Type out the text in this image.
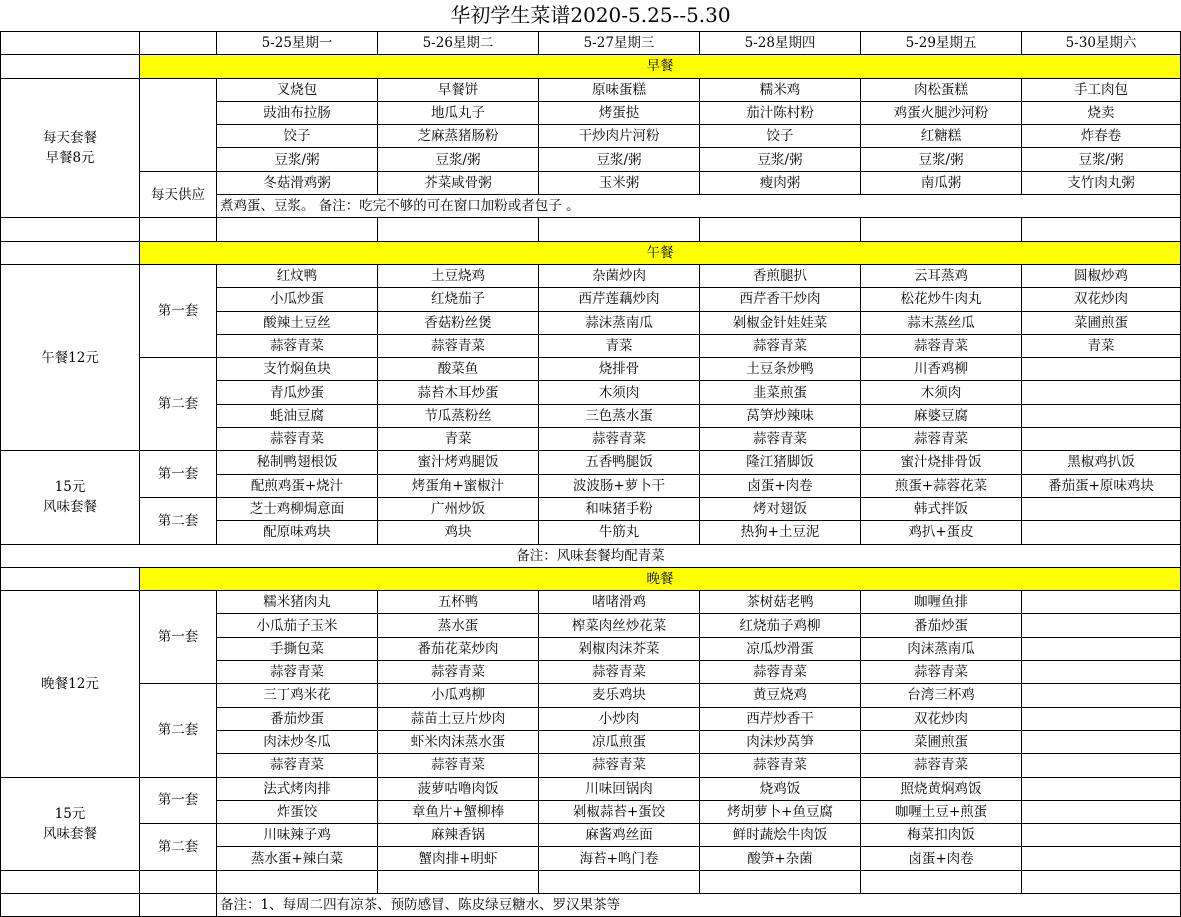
华初学生菜谱2020-5.25--5.30
		5-25星期一	5-26星期二	5-27星期三	5-28星期四	5-29星期五	5-30星期六
	早餐						
每天套餐
早餐8元		叉烧包	早餐饼	原味蛋糕	糯米鸡	肉松蛋糕	手工肉包
		豉油布拉肠	地瓜丸子	烤蛋挞	茄汁陈村粉	鸡蛋火腿沙河粉	烧卖
		饺子	芝麻蒸猪肠粉	干炒肉片河粉	饺子	红糖糕	炸春卷
		豆浆/粥	豆浆/粥	豆浆/粥	豆浆/粥	豆浆/粥	豆浆/粥
	每天供应	冬菇滑鸡粥	芥菜咸骨粥	玉米粥	瘦肉粥	南瓜粥	支竹肉丸粥
		煮鸡蛋、豆浆。 备注：吃完不够的可在窗口加粉或者包子 。					

	午餐						
午餐12元	第一套	红炆鸭	土豆烧鸡	杂菌炒肉	香煎腿扒	云耳蒸鸡	圆椒炒鸡
		小瓜炒蛋	红烧茄子	西芹莲藕炒肉	西芹香干炒肉	松花炒牛肉丸	双花炒肉
		酸辣土豆丝	香菇粉丝煲	蒜沫蒸南瓜	剁椒金针娃娃菜	蒜末蒸丝瓜	菜圃煎蛋
		蒜蓉青菜	蒜蓉青菜	青菜	蒜蓉青菜	蒜蓉青菜	青菜
	第二套	支竹焖鱼块	酸菜鱼	烧排骨	土豆条炒鸭	川香鸡柳	
		青瓜炒蛋	蒜苔木耳炒蛋	木须肉	韭菜煎蛋	木须肉	
		蚝油豆腐	节瓜蒸粉丝	三色蒸水蛋	莴笋炒辣味	麻婆豆腐	
		蒜蓉青菜	青菜	蒜蓉青菜	蒜蓉青菜	蒜蓉青菜	
15元
风味套餐	第一套	秘制鸭翅根饭	蜜汁烤鸡腿饭	五香鸭腿饭	隆江猪脚饭	蜜汁烧排骨饭	黑椒鸡扒饭
		配煎鸡蛋+烧汁	烤蛋角+蜜椒汁	波波肠+萝卜干	卤蛋+肉卷	煎蛋+蒜蓉花菜	番茄蛋+原味鸡块
	第二套	芝士鸡柳焗意面	广州炒饭	和味猪手粉	烤对翅饭	韩式拌饭	
		配原味鸡块	鸡块	牛筋丸	热狗+土豆泥	鸡扒+蛋皮	
备注：风味套餐均配青菜							
	晚餐						
晚餐12元	第一套	糯米猪肉丸	五杯鸭	啫啫滑鸡	茶树菇老鸭	咖喱鱼排	
		小瓜茄子玉米	蒸水蛋	榨菜肉丝炒花菜	红烧茄子鸡柳	番茄炒蛋	
		手撕包菜	番茄花菜炒肉	剁椒肉沫芥菜	凉瓜炒滑蛋	肉沫蒸南瓜	
		蒜蓉青菜	蒜蓉青菜	蒜蓉青菜	蒜蓉青菜	蒜蓉青菜	
	第二套	三丁鸡米花	小瓜鸡柳	麦乐鸡块	黄豆烧鸡	台湾三杯鸡	
		番茄炒蛋	蒜苗土豆片炒肉	小炒肉	西芹炒香干	双花炒肉	
		肉沫炒冬瓜	虾米肉沫蒸水蛋	凉瓜煎蛋	肉沫炒莴笋	菜圃煎蛋	
		蒜蓉青菜	蒜蓉青菜	蒜蓉青菜	蒜蓉青菜	蒜蓉青菜	
15元
风味套餐	第一套	法式烤肉排	菠萝咕噜肉饭	川味回锅肉	烧鸡饭	照烧黄焖鸡饭	
		炸蛋饺	章鱼片+蟹柳棒	剁椒蒜苔+蛋饺	烤胡萝卜+鱼豆腐	咖喱土豆+煎蛋	
	第二套	川味辣子鸡	麻辣香锅	麻酱鸡丝面	鲜时蔬烩牛肉饭	梅菜扣肉饭	
		蒸水蛋+辣白菜	蟹肉排+明虾	海苔+鸣门卷	酸笋+杂菌	卤蛋+肉卷	

		备注：1、每周二四有凉茶、预防感冒、陈皮绿豆糖水、罗汉果茶等					
